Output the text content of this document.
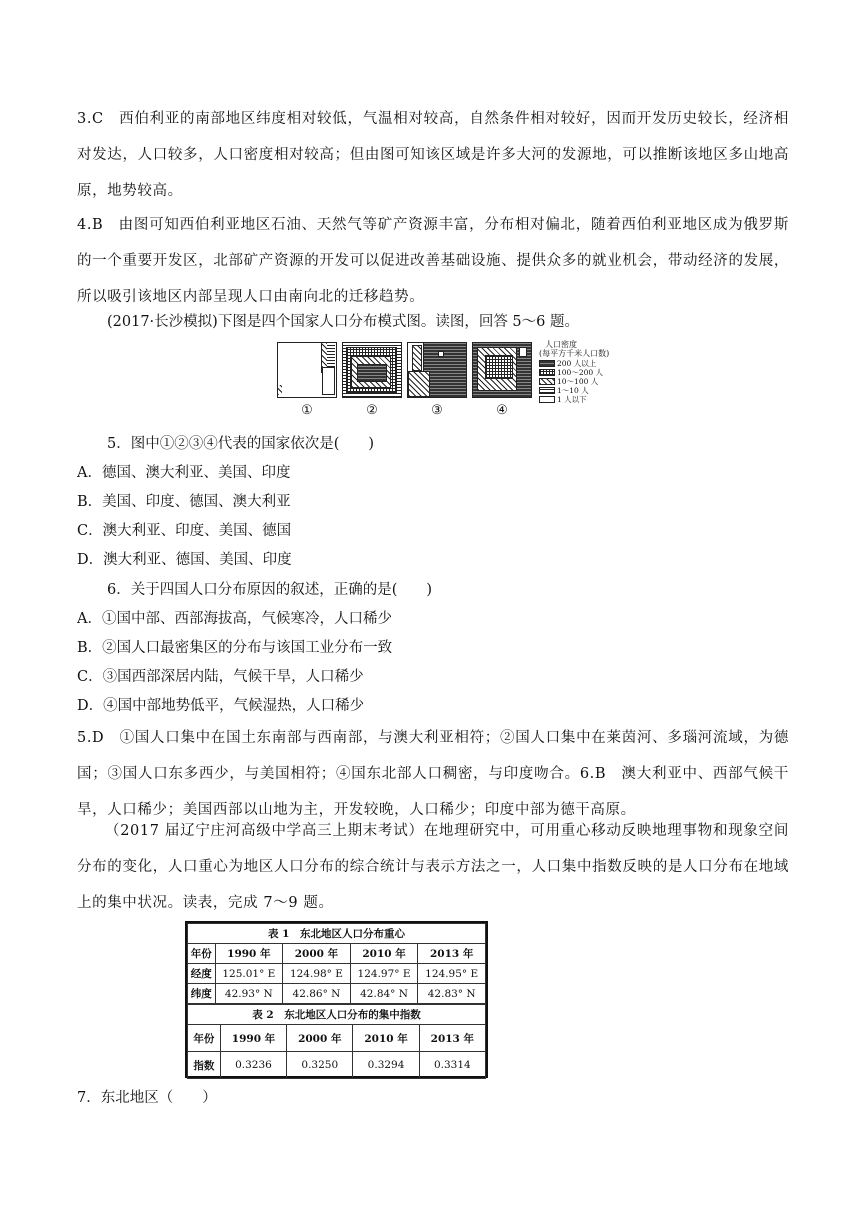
3.C　西伯利亚的南部地区纬度相对较低，气温相对较高，自然条件相对较好，因而开发历史较长，经济相对发达，人口较多，人口密度相对较高；但由图可知该区域是许多大河的发源地，可以推断该地区多山地高原，地势较高。
4.B　由图可知西伯利亚地区石油、天然气等矿产资源丰富，分布相对偏北，随着西伯利亚地区成为俄罗斯的一个重要开发区，北部矿产资源的开发可以促进改善基础设施、提供众多的就业机会，带动经济的发展，所以吸引该地区内部呈现人口由南向北的迁移趋势。
(2017·长沙模拟)下图是四个国家人口分布模式图。读图，回答 5～6 题。
①	②	③	④
人口密度
(每平方千米人口数)
200 人以上
100～200 人
10～100 人
1～10 人
1 人以下
5．图中①②③④代表的国家依次是(　　)
A．德国、澳大利亚、美国、印度
B．美国、印度、德国、澳大利亚
C．澳大利亚、印度、美国、德国
D．澳大利亚、德国、美国、印度
6．关于四国人口分布原因的叙述，正确的是(　　)
A．①国中部、西部海拔高，气候寒冷，人口稀少
B．②国人口最密集区的分布与该国工业分布一致
C．③国西部深居内陆，气候干旱，人口稀少
D．④国中部地势低平，气候湿热，人口稀少
5.D　①国人口集中在国土东南部与西南部，与澳大利亚相符；②国人口集中在莱茵河、多瑙河流域，为德国；③国人口东多西少，与美国相符；④国东北部人口稠密，与印度吻合。6.B　澳大利亚中、西部气候干旱，人口稀少；美国西部以山地为主，开发较晚，人口稀少；印度中部为德干高原。
（2017 届辽宁庄河高级中学高三上期末考试）在地理研究中，可用重心移动反映地理事物和现象空间分布的变化，人口重心为地区人口分布的综合统计与表示方法之一，人口集中指数反映的是人口分布在地域上的集中状况。读表，完成 7～9 题。
表 1　东北地区人口分布重心				
年份	1990 年	2000 年	2010 年	2013 年
经度	125.01° E	124.98° E	124.97° E	124.95° E
纬度	42.93° N	42.86° N	42.84° N	42.83° N
表 2　东北地区人口分布的集中指数				
年份	1990 年	2000 年	2010 年	2013 年
指数	0.3236	0.3250	0.3294	0.3314
7．东北地区（　　）
